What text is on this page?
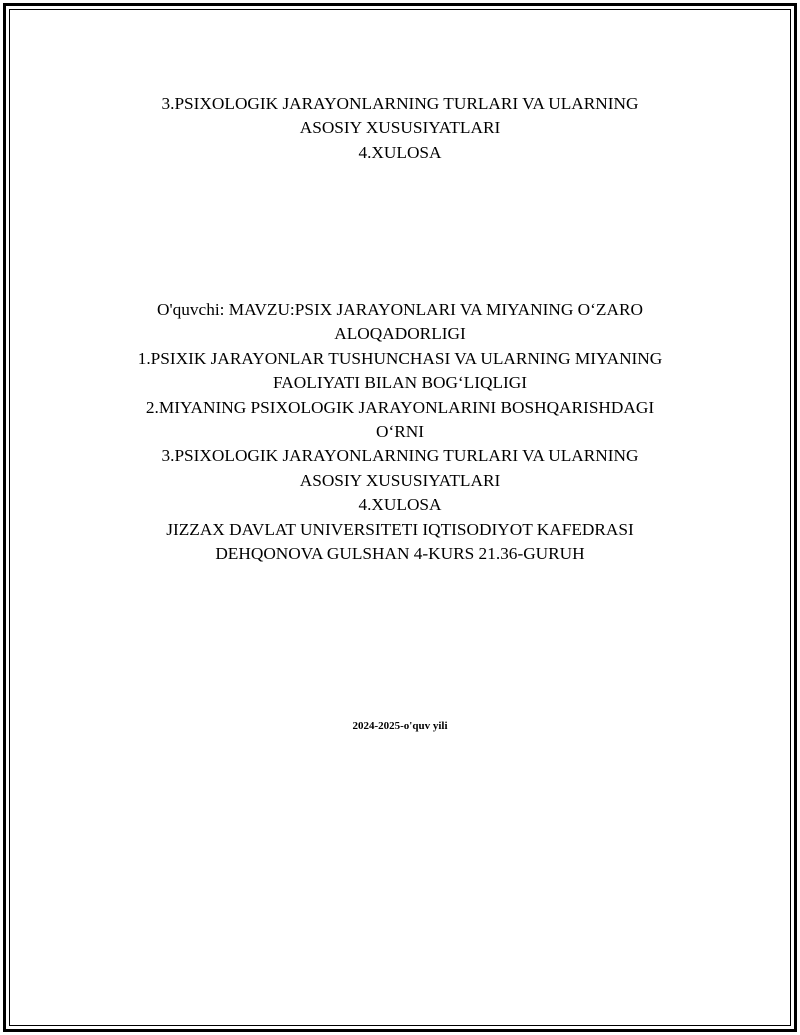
3.PSIXOLOGIK JARAYONLARNING TURLARI VA ULARNING
ASOSIY XUSUSIYATLARI
4.XULOSA
O'quvchi: MAVZU:PSIX JARAYONLARI VA MIYANING O‘ZARO
ALOQADORLIGI
1.PSIXIK JARAYONLAR TUSHUNCHASI VA ULARNING MIYANING
FAOLIYATI BILAN BOG‘LIQLIGI
2.MIYANING PSIXOLOGIK JARAYONLARINI BOSHQARISHDAGI
O‘RNI
3.PSIXOLOGIK JARAYONLARNING TURLARI VA ULARNING
ASOSIY XUSUSIYATLARI
4.XULOSA
JIZZAX DAVLAT UNIVERSITETI IQTISODIYOT KAFEDRASI
DEHQONOVA GULSHAN 4-KURS 21.36-GURUH
2024-2025-o'quv yili
